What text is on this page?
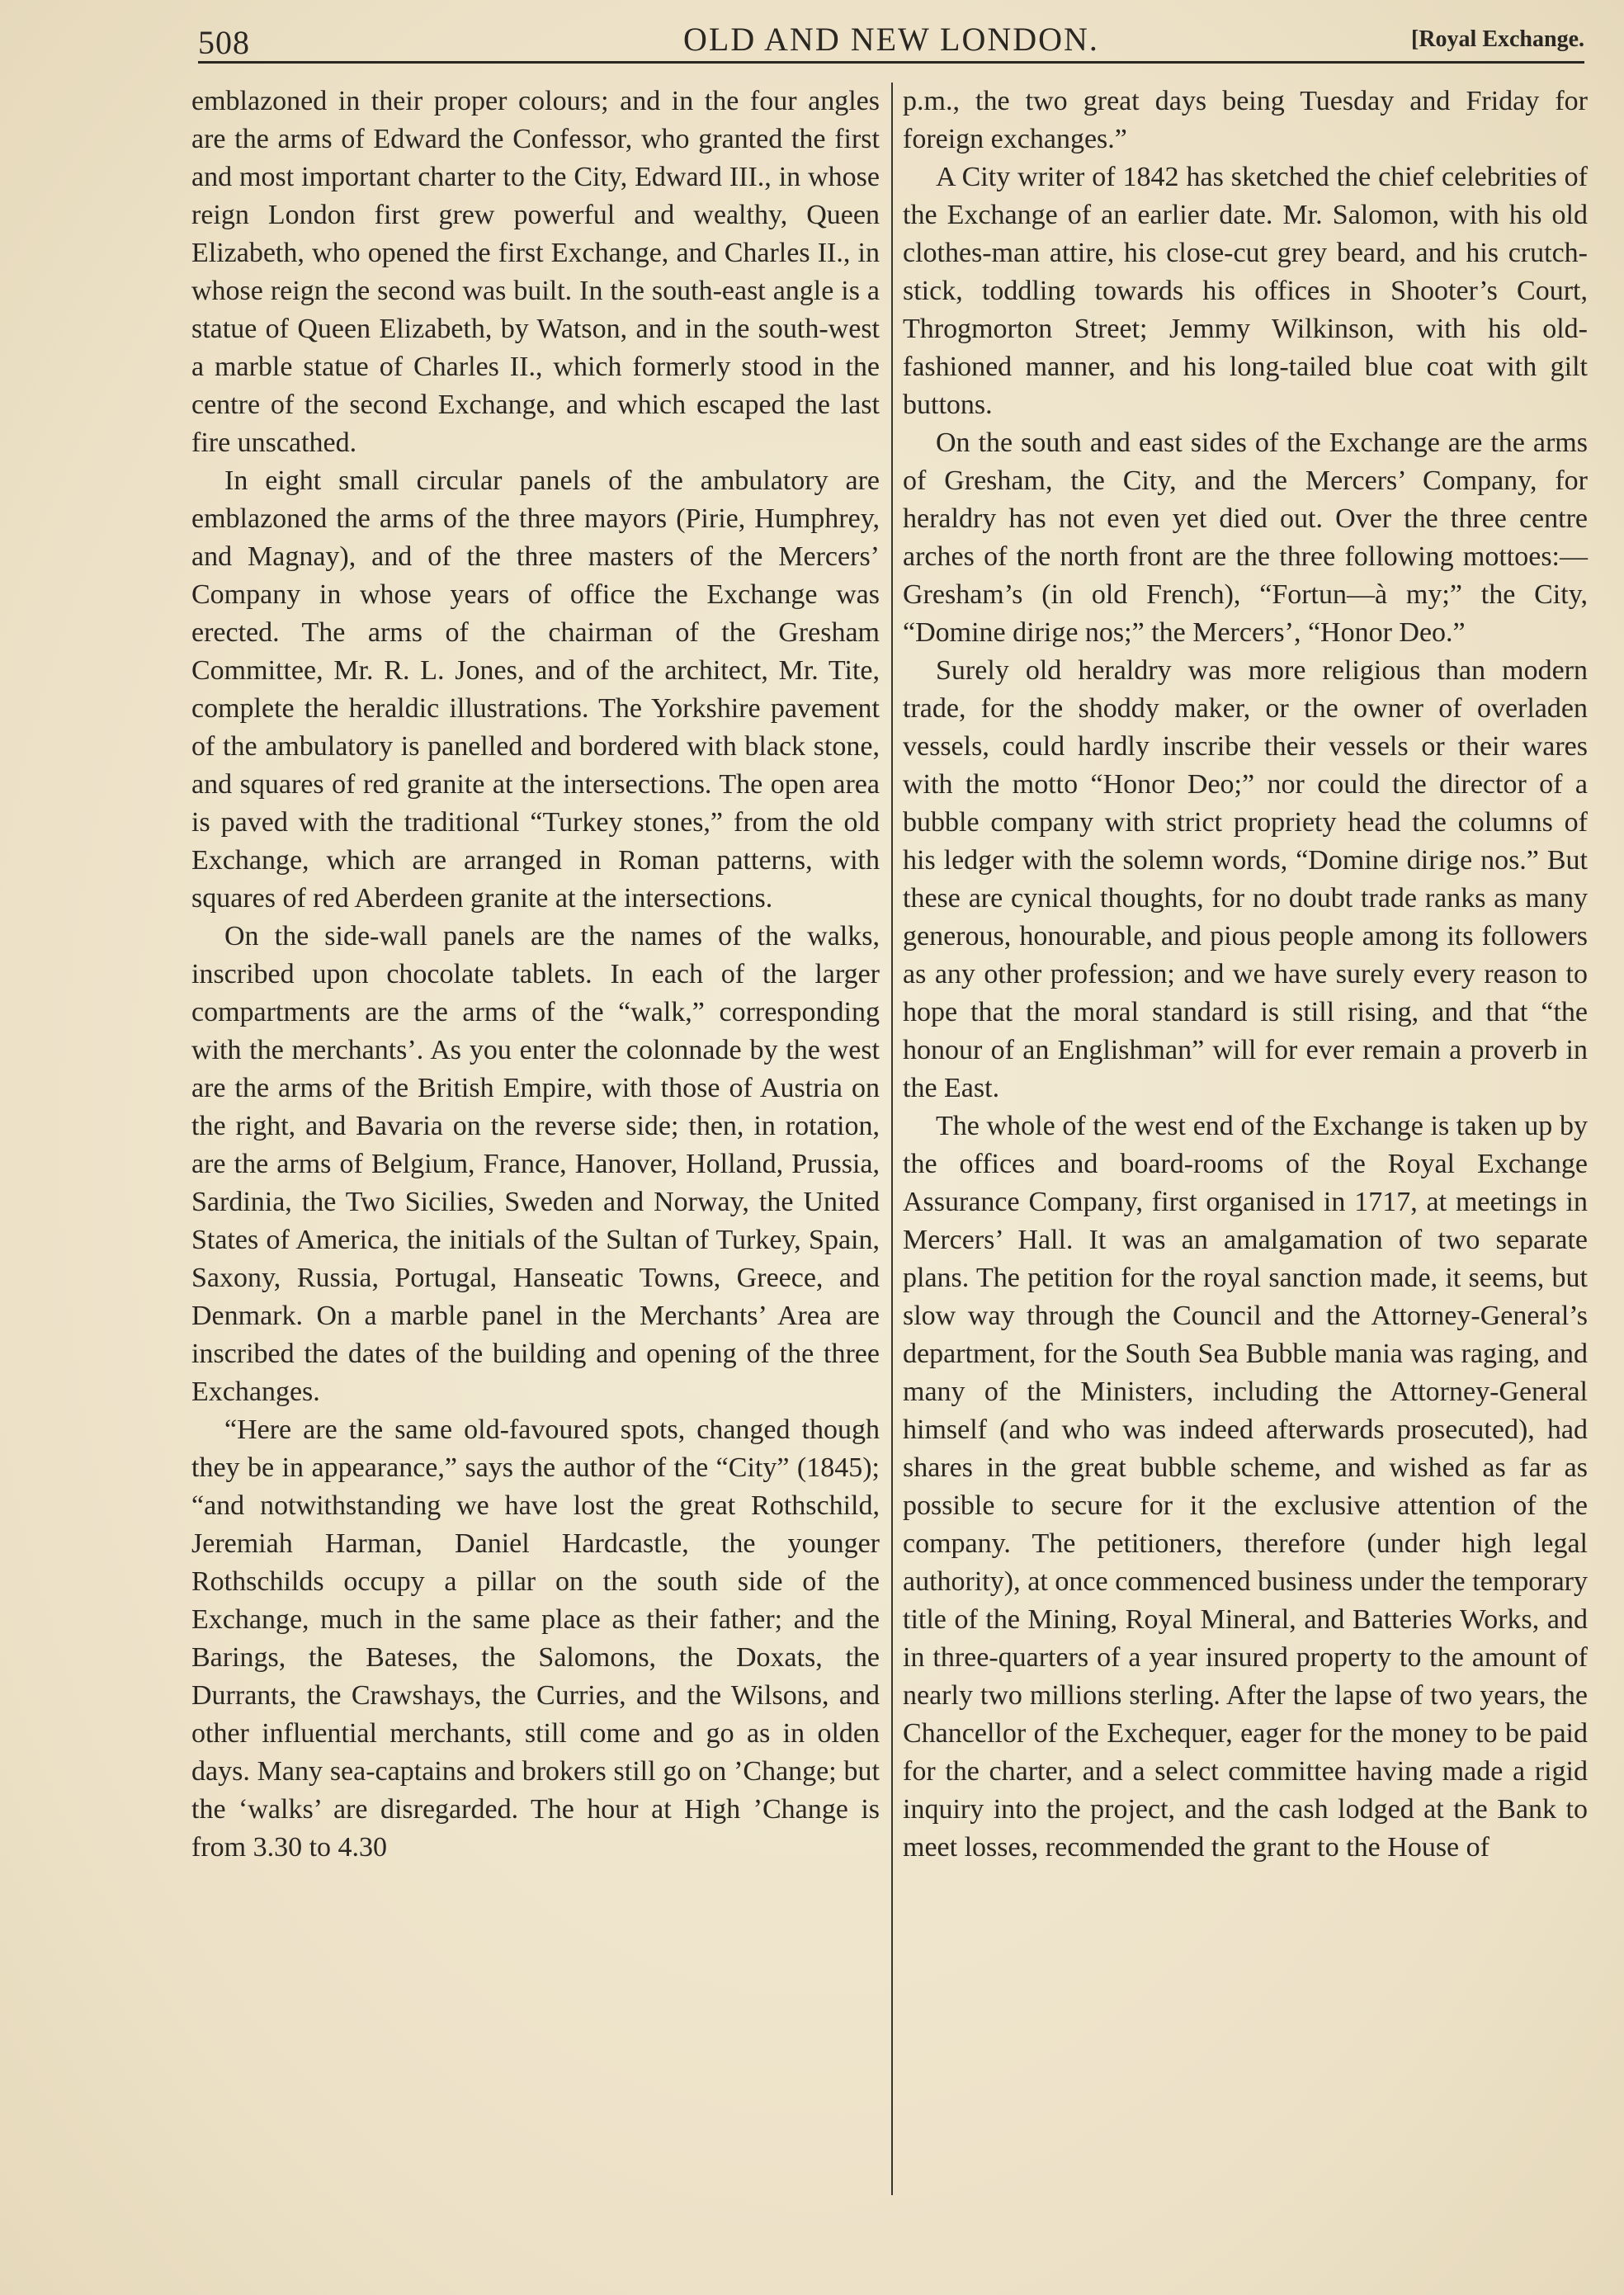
508	OLD AND NEW LONDON.	[Royal Exchange.

emblazoned in their proper colours; and in the four angles are the arms of Edward the Confessor, who granted the first and most important charter to the City, Edward III., in whose reign London first grew powerful and wealthy, Queen Elizabeth, who opened the first Exchange, and Charles II., in whose reign the second was built. In the south-east angle is a statue of Queen Elizabeth, by Watson, and in the south-west a marble statue of Charles II., which formerly stood in the centre of the second Exchange, and which escaped the last fire unscathed.

In eight small circular panels of the ambulatory are emblazoned the arms of the three mayors (Pirie, Humphrey, and Magnay), and of the three masters of the Mercers’ Company in whose years of office the Exchange was erected. The arms of the chairman of the Gresham Committee, Mr. R. L. Jones, and of the architect, Mr. Tite, complete the heraldic illustrations. The Yorkshire pavement of the ambulatory is panelled and bordered with black stone, and squares of red granite at the intersections. The open area is paved with the traditional “Turkey stones,” from the old Exchange, which are arranged in Roman patterns, with squares of red Aberdeen granite at the intersections.

On the side-wall panels are the names of the walks, inscribed upon chocolate tablets. In each of the larger compartments are the arms of the “walk,” corresponding with the merchants’. As you enter the colonnade by the west are the arms of the British Empire, with those of Austria on the right, and Bavaria on the reverse side; then, in rotation, are the arms of Belgium, France, Hanover, Holland, Prussia, Sardinia, the Two Sicilies, Sweden and Norway, the United States of America, the initials of the Sultan of Turkey, Spain, Saxony, Russia, Portugal, Hanseatic Towns, Greece, and Denmark. On a marble panel in the Merchants’ Area are inscribed the dates of the building and opening of the three Exchanges.

“Here are the same old-favoured spots, changed though they be in appearance,” says the author of the “City” (1845); “and notwithstanding we have lost the great Rothschild, Jeremiah Harman, Daniel Hardcastle, the younger Rothschilds occupy a pillar on the south side of the Exchange, much in the same place as their father; and the Barings, the Bateses, the Salomons, the Doxats, the Durrants, the Crawshays, the Curries, and the Wilsons, and other influential merchants, still come and go as in olden days. Many sea-captains and brokers still go on ’Change; but the ‘walks’ are disregarded. The hour at High ’Change is from 3.30 to 4.30

p.m., the two great days being Tuesday and Friday for foreign exchanges.”

A City writer of 1842 has sketched the chief celebrities of the Exchange of an earlier date. Mr. Salomon, with his old clothes-man attire, his close-cut grey beard, and his crutch-stick, toddling towards his offices in Shooter’s Court, Throgmorton Street; Jemmy Wilkinson, with his old-fashioned manner, and his long-tailed blue coat with gilt buttons.

On the south and east sides of the Exchange are the arms of Gresham, the City, and the Mercers’ Company, for heraldry has not even yet died out. Over the three centre arches of the north front are the three following mottoes:—Gresham’s (in old French), “Fortun—à my;” the City, “Domine dirige nos;” the Mercers’, “Honor Deo.”

Surely old heraldry was more religious than modern trade, for the shoddy maker, or the owner of overladen vessels, could hardly inscribe their vessels or their wares with the motto “Honor Deo;” nor could the director of a bubble company with strict propriety head the columns of his ledger with the solemn words, “Domine dirige nos.” But these are cynical thoughts, for no doubt trade ranks as many generous, honourable, and pious people among its followers as any other profession; and we have surely every reason to hope that the moral standard is still rising, and that “the honour of an Englishman” will for ever remain a proverb in the East.

The whole of the west end of the Exchange is taken up by the offices and board-rooms of the Royal Exchange Assurance Company, first organised in 1717, at meetings in Mercers’ Hall. It was an amalgamation of two separate plans. The petition for the royal sanction made, it seems, but slow way through the Council and the Attorney-General’s department, for the South Sea Bubble mania was raging, and many of the Ministers, including the Attorney-General himself (and who was indeed afterwards prosecuted), had shares in the great bubble scheme, and wished as far as possible to secure for it the exclusive attention of the company. The petitioners, therefore (under high legal authority), at once commenced business under the temporary title of the Mining, Royal Mineral, and Batteries Works, and in three-quarters of a year insured property to the amount of nearly two millions sterling. After the lapse of two years, the Chancellor of the Exchequer, eager for the money to be paid for the charter, and a select committee having made a rigid inquiry into the project, and the cash lodged at the Bank to meet losses, recommended the grant to the House of
